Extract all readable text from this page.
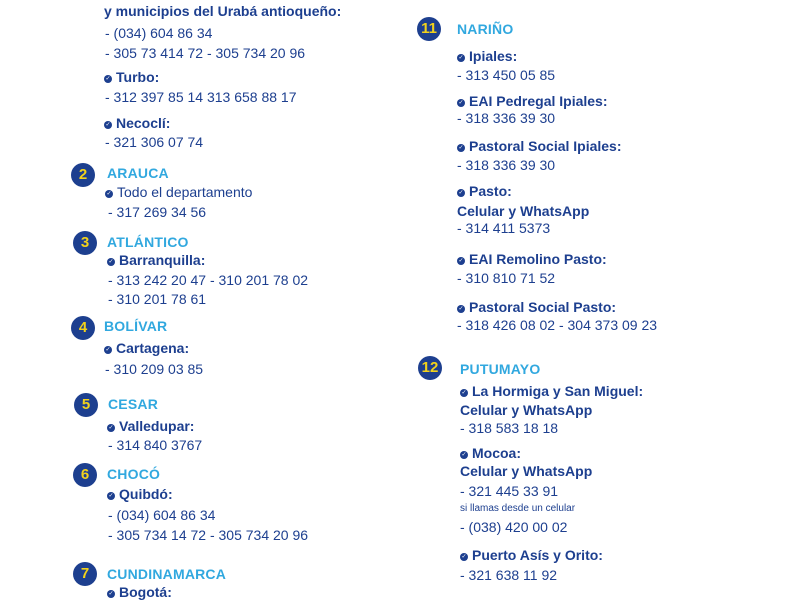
y municipios del Urabá antioqueño:
- (034) 604 86 34
- 305 73 414 72 - 305 734 20 96
✓ Turbo:
- 312 397 85 14 313 658 88 17
✓ Necoclí:
- 321 306 07 74
2	ARAUCA
✓ Todo el departamento
- 317 269 34 56
3	ATLÁNTICO
✓ Barranquilla:
- 313 242 20 47 - 310 201 78 02
- 310 201 78 61
4	BOLÍVAR
✓ Cartagena:
- 310 209 03 85
5	CESAR
✓ Valledupar:
- 314 840 3767
6	CHOCÓ
✓ Quibdó:
- (034) 604 86 34
- 305 734 14 72 - 305 734 20 96
7	CUNDINAMARCA
✓ Bogotá:
11 NARIÑO
✓ Ipiales:
- 313 450 05 85
✓ EAI Pedregal Ipiales:
- 318 336 39 30
✓ Pastoral Social Ipiales:
- 318 336 39 30
✓ Pasto:
Celular y WhatsApp
- 314 411 5373
✓ EAI Remolino Pasto:
- 310 810 71 52
✓ Pastoral Social Pasto:
- 318 426 08 02 - 304 373 09 23
12 PUTUMAYO
✓ La Hormiga y San Miguel:
Celular y WhatsApp
- 318 583 18 18
✓ Mocoa:
Celular y WhatsApp
- 321 445 33 91
si llamas desde un celular
- (038) 420 00 02
✓ Puerto Asís y Orito:
- 321 638 11 92
